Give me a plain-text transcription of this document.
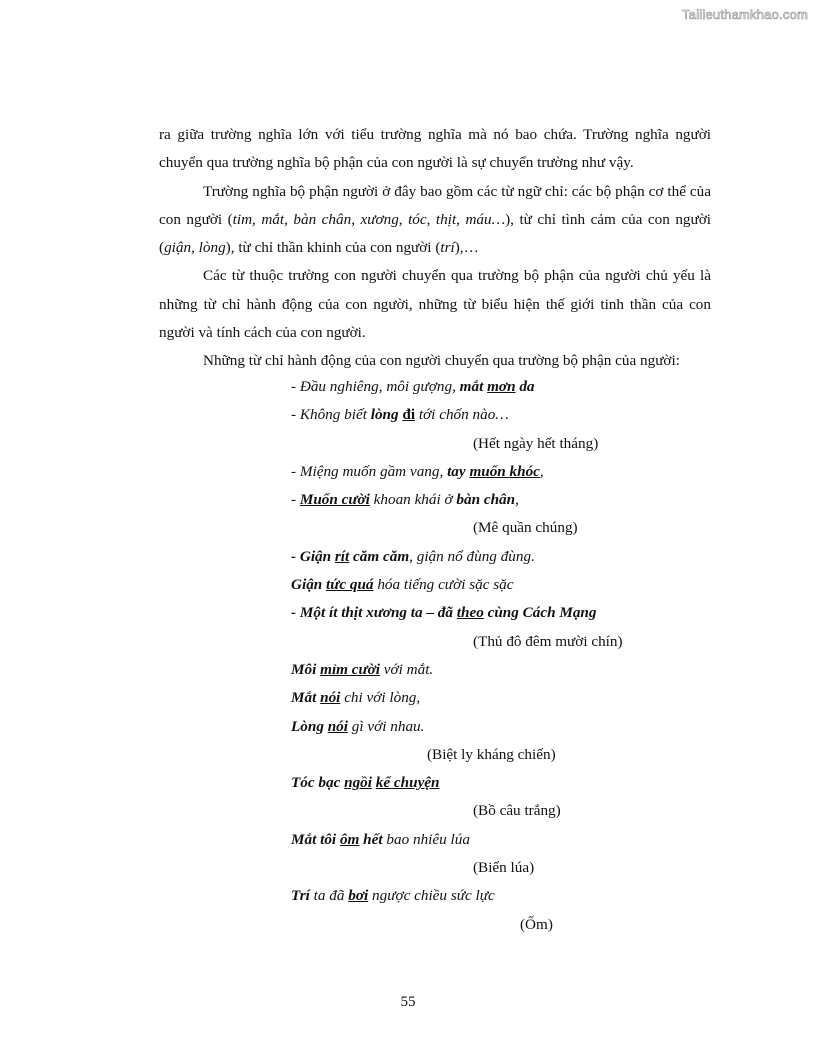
Tailieuthamkhao.com

ra giữa trường nghĩa lớn với tiểu trường nghĩa mà nó bao chứa. Trường nghĩa người chuyển qua trường nghĩa bộ phận của con người là sự chuyển trường như vậy.

Trường nghĩa bộ phận người ở đây bao gồm các từ ngữ chỉ: các bộ phận cơ thể của con người (tim, mắt, bàn chân, xương, tóc, thịt, máu…), từ chỉ tình cảm của con người (giận, lòng), từ chỉ thần khinh của con người (trí),…

Các từ thuộc trường con người chuyển qua trường bộ phận của người chủ yếu là những từ chỉ hành động của con người, những từ biểu hiện thế giới tinh thần của con người và tính cách của con người.

Những từ chỉ hành động của con người chuyển qua trường bộ phận của người:

- Đầu nghiêng, môi gượng, mắt mơn da
- Không biết lòng đi tới chốn nào…
(Hết ngày hết tháng)
- Miệng muốn gầm vang, tay muốn khóc,
- Muốn cười khoan khái ở bàn chân,
(Mê quần chúng)
- Giận rít căm căm, giận nổ đùng đùng.
Giận tức quá hóa tiếng cười sặc sặc
- Một ít thịt xương ta – đã theo cùng Cách Mạng
(Thủ đô đêm mười chín)
Môi mỉm cười với mắt.
Mắt nói chi với lòng,
Lòng nói gì với nhau.
(Biệt ly kháng chiến)
Tóc bạc ngồi kể chuyện
(Bồ câu trắng)
Mắt tôi ôm hết bao nhiêu lúa
(Biển lúa)
Trí ta đã bơi ngược chiều sức lực
(Ốm)
55
